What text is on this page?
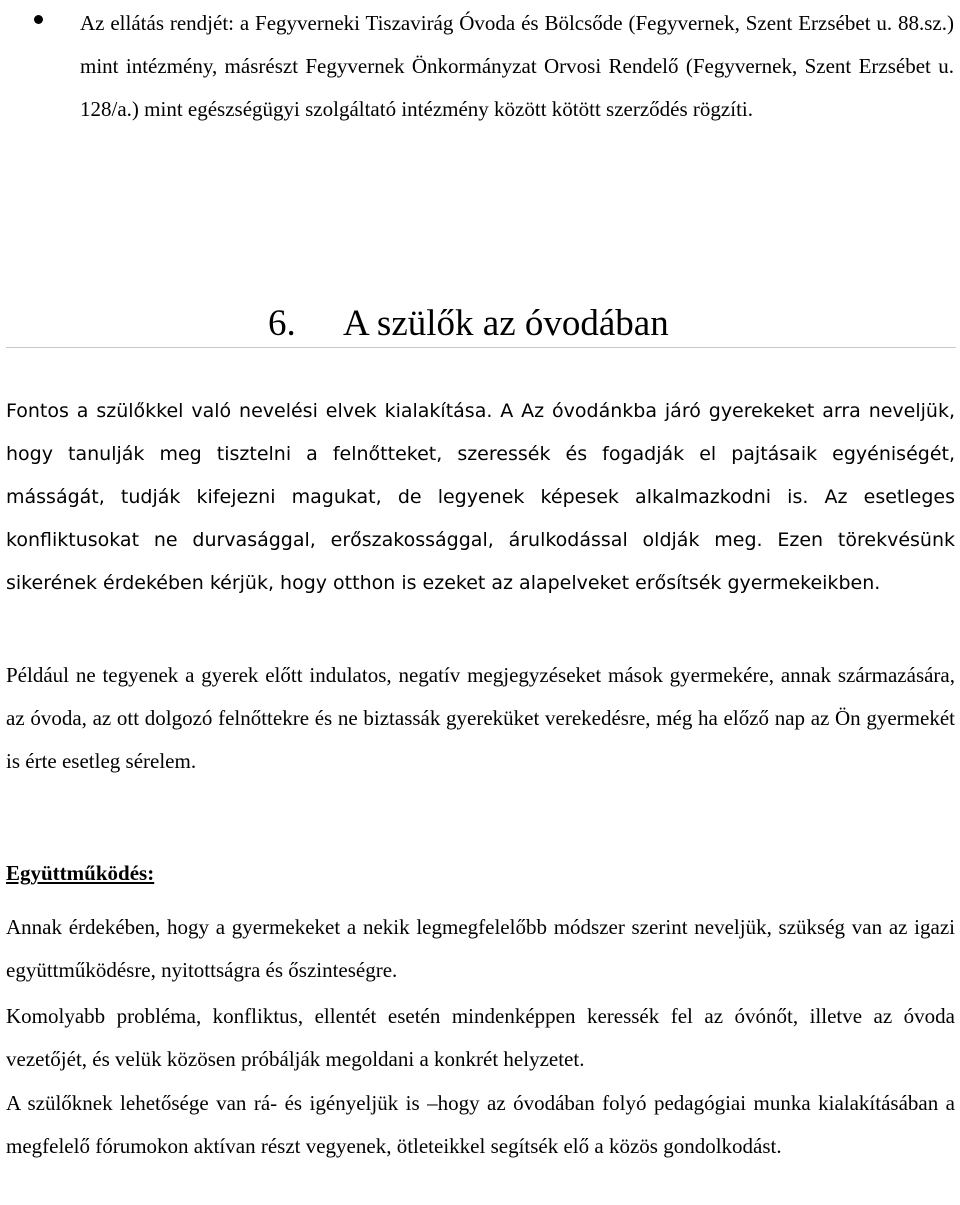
Az ellátás rendjét: a Fegyverneki Tiszavirág Óvoda és Bölcsőde (Fegyvernek, Szent Erzsébet u. 88.sz.) mint intézmény, másrészt Fegyvernek Önkormányzat Orvosi Rendelő (Fegyvernek, Szent Erzsébet u. 128/a.) mint egészségügyi szolgáltató intézmény között kötött szerződés rögzíti.
6. A szülők az óvodában
Fontos a szülőkkel való nevelési elvek kialakítása. A Az óvodánkba járó gyerekeket arra neveljük, hogy tanulják meg tisztelni a felnőtteket, szeressék és fogadják el pajtásaik egyéniségét, másságát, tudják kifejezni magukat, de legyenek képesek alkalmazkodni is. Az esetleges konfliktusokat ne durvasággal, erőszakossággal, árulkodással oldják meg. Ezen törekvésünk sikerének érdekében kérjük, hogy otthon is ezeket az alapelveket erősítsék gyermekeikben.
Például ne tegyenek a gyerek előtt indulatos, negatív megjegyzéseket mások gyermekére, annak származására, az óvoda, az ott dolgozó felnőttekre és ne biztassák gyereküket verekedésre, még ha előző nap az Ön gyermekét is érte esetleg sérelem.
Együttműködés:
Annak érdekében, hogy a gyermekeket a nekik legmegfelelőbb módszer szerint neveljük, szükség van az igazi együttműködésre, nyitottságra és őszinteségre.
Komolyabb probléma, konfliktus, ellentét esetén mindenképpen keressék fel az óvónőt, illetve az óvoda vezetőjét, és velük közösen próbálják megoldani a konkrét helyzetet.
A szülőknek lehetősége van rá- és igényeljük is –hogy az óvodában folyó pedagógiai munka kialakításában a megfelelő fórumokon aktívan részt vegyenek, ötleteikkel segítsék elő a közös gondolkodást.
